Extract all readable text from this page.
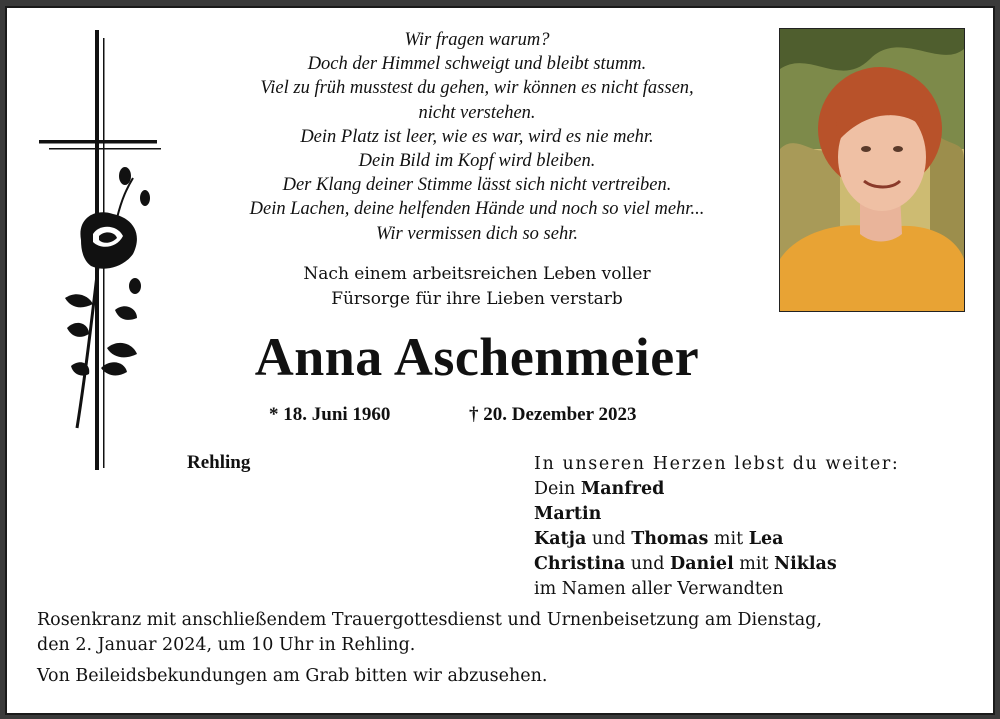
Wir fragen warum?
Doch der Himmel schweigt und bleibt stumm.
Viel zu früh musstest du gehen, wir können es nicht fassen,
nicht verstehen.
Dein Platz ist leer, wie es war, wird es nie mehr.
Dein Bild im Kopf wird bleiben.
Der Klang deiner Stimme lässt sich nicht vertreiben.
Dein Lachen, deine helfenden Hände und noch so viel mehr...
Wir vermissen dich so sehr.
Nach einem arbeitsreichen Leben voller
Fürsorge für ihre Lieben verstarb
Anna Aschenmeier
* 18. Juni 1960	† 20. Dezember 2023
Rehling	In unseren Herzen lebst du weiter:
Dein Manfred
Martin
Katja und Thomas mit Lea
Christina und Daniel mit Niklas
im Namen aller Verwandten
Rosenkranz mit anschließendem Trauergottesdienst und Urnenbeisetzung am Dienstag,
den 2. Januar 2024, um 10 Uhr in Rehling.
Von Beileidsbekundungen am Grab bitten wir abzusehen.
